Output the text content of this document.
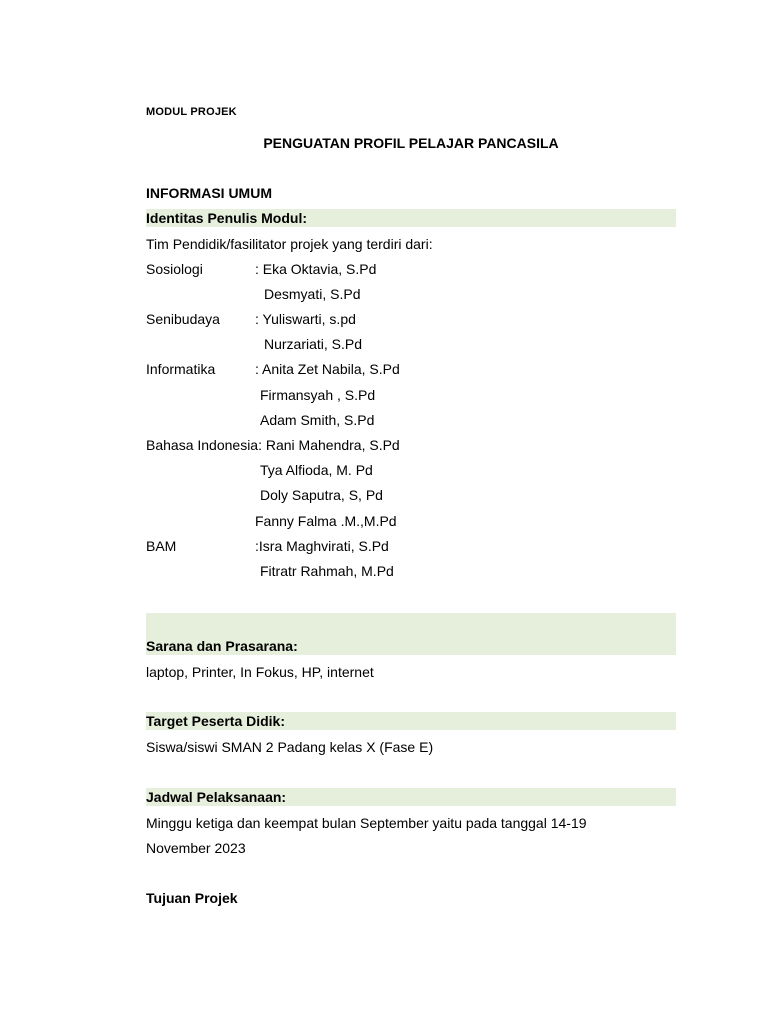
MODUL PROJEK
PENGUATAN PROFIL PELAJAR PANCASILA
INFORMASI UMUM
Identitas Penulis Modul:
Tim Pendidik/fasilitator projek yang terdiri dari:
Sosiologi	: Eka Oktavia, S.Pd
Desmyati, S.Pd
Senibudaya	: Yuliswarti, s.pd
Nurzariati, S.Pd
Informatika	: Anita Zet Nabila, S.Pd
Firmansyah , S.Pd
Adam Smith, S.Pd
Bahasa Indonesia: Rani Mahendra, S.Pd
Tya Alfioda, M. Pd
Doly Saputra, S, Pd
Fanny Falma .M.,M.Pd
BAM	:Isra Maghvirati, S.Pd
Fitratr Rahmah, M.Pd
Sarana dan Prasarana:
laptop, Printer, In Fokus, HP, internet
Target Peserta Didik:
Siswa/siswi SMAN 2 Padang kelas X (Fase E)
Jadwal Pelaksanaan:
Minggu ketiga dan keempat bulan September yaitu pada tanggal 14-19
November 2023
Tujuan Projek
